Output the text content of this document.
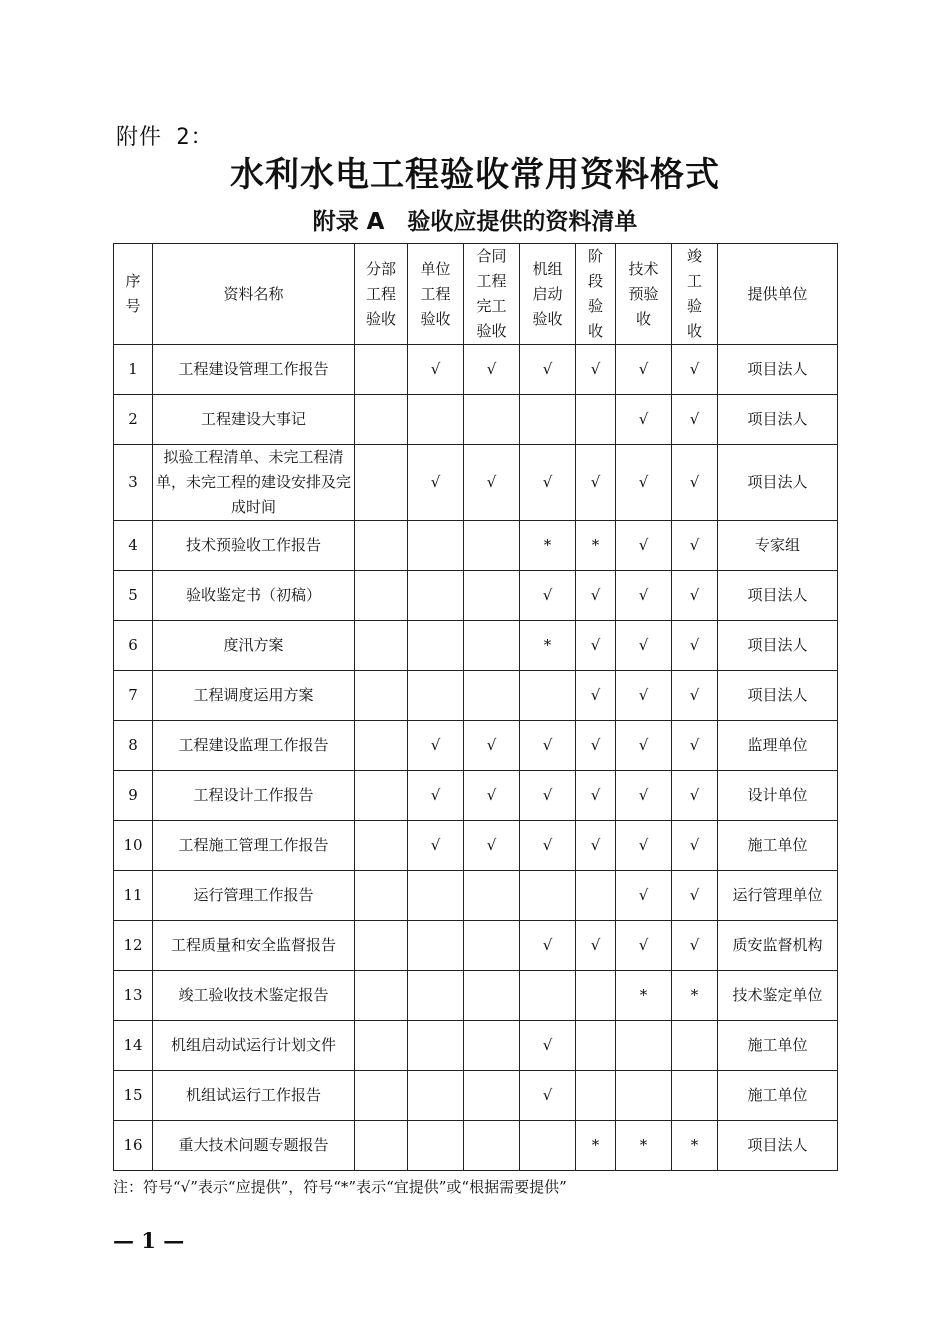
附件 2：
水利水电工程验收常用资料格式
附录 A　验收应提供的资料清单
序号	资料名称	分部工程验收	单位工程验收	合同工程完工验收	机组启动验收	阶段验收	技术预验收	竣工验收	提供单位
1	工程建设管理工作报告		√	√	√	√	√	√	项目法人
2	工程建设大事记						√	√	项目法人
3	拟验工程清单、未完工程清单，未完工程的建设安排及完成时间		√	√	√	√	√	√	项目法人
4	技术预验收工作报告				*	*	√	√	专家组
5	验收鉴定书（初稿）				√	√	√	√	项目法人
6	度汛方案				*	√	√	√	项目法人
7	工程调度运用方案					√	√	√	项目法人
8	工程建设监理工作报告		√	√	√	√	√	√	监理单位
9	工程设计工作报告		√	√	√	√	√	√	设计单位
10	工程施工管理工作报告		√	√	√	√	√	√	施工单位
11	运行管理工作报告						√	√	运行管理单位
12	工程质量和安全监督报告				√	√	√	√	质安监督机构
13	竣工验收技术鉴定报告						*	*	技术鉴定单位
14	机组启动试运行计划文件				√				施工单位
15	机组试运行工作报告				√				施工单位
16	重大技术问题专题报告					*	*	*	项目法人
注：符号“√”表示“应提供”，符号“*”表示“宜提供”或“根据需要提供”
— 1 —
